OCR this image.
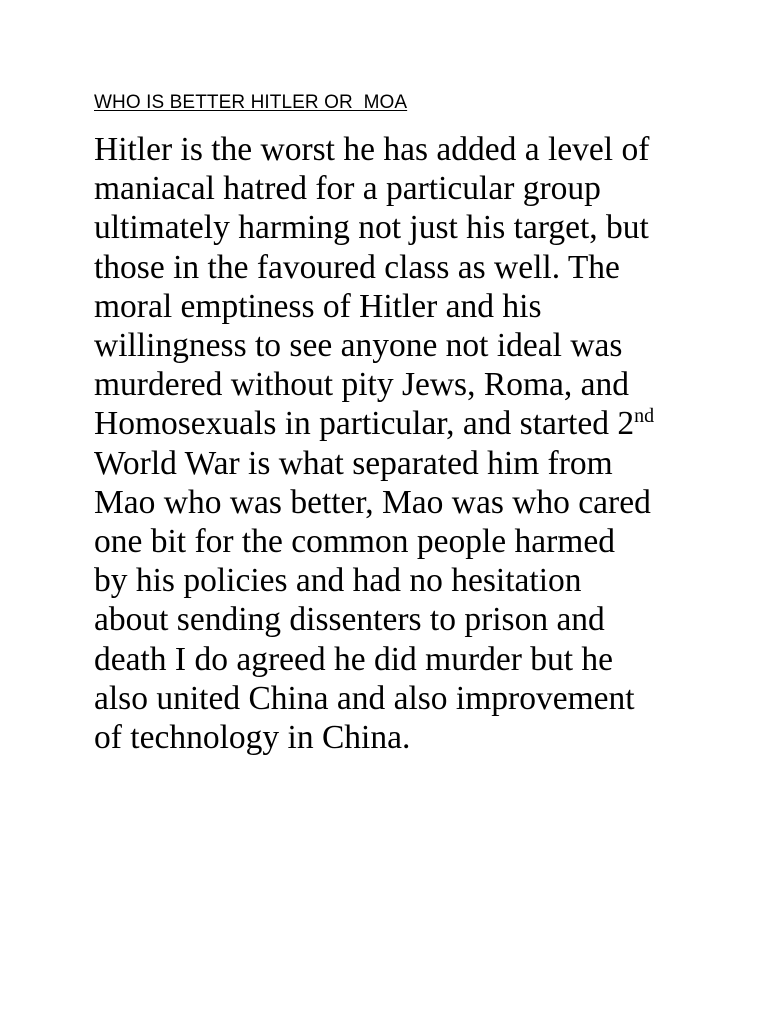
WHO IS BETTER HITLER OR  MOA
Hitler is the worst he has added a level of
maniacal hatred for a particular group
ultimately harming not just his target, but
those in the favoured class as well. The
moral emptiness of Hitler and his
willingness to see anyone not ideal was
murdered without pity Jews, Roma, and
Homosexuals in particular, and started 2nd
World War is what separated him from
Mao who was better, Mao was who cared
one bit for the common people harmed
by his policies and had no hesitation
about sending dissenters to prison and
death I do agreed he did murder but he
also united China and also improvement
of technology in China.
